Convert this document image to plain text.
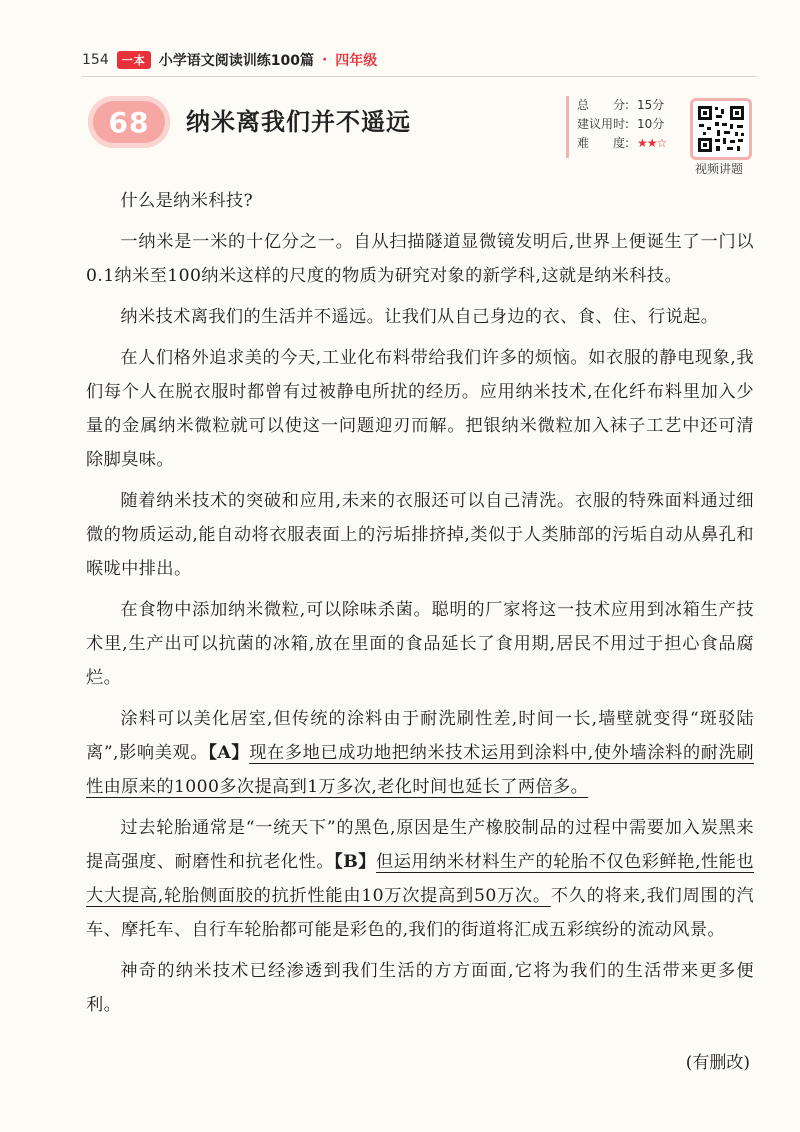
154	一本 小学语文阅读训练100篇 · 四年级
68 纳米离我们并不遥远
总　　分: 15分
建议用时: 10分
难　　度: ★★☆
视频讲题

什么是纳米科技?

一纳米是一米的十亿分之一。自从扫描隧道显微镜发明后,世界上便诞生了一门以0.1纳米至100纳米这样的尺度的物质为研究对象的新学科,这就是纳米科技。

纳米技术离我们的生活并不遥远。让我们从自己身边的衣、食、住、行说起。

在人们格外追求美的今天,工业化布料带给我们许多的烦恼。如衣服的静电现象,我们每个人在脱衣服时都曾有过被静电所扰的经历。应用纳米技术,在化纤布料里加入少量的金属纳米微粒就可以使这一问题迎刃而解。把银纳米微粒加入袜子工艺中还可清除脚臭味。

随着纳米技术的突破和应用,未来的衣服还可以自己清洗。衣服的特殊面料通过细微的物质运动,能自动将衣服表面上的污垢排挤掉,类似于人类肺部的污垢自动从鼻孔和喉咙中排出。

在食物中添加纳米微粒,可以除味杀菌。聪明的厂家将这一技术应用到冰箱生产技术里,生产出可以抗菌的冰箱,放在里面的食品延长了食用期,居民不用过于担心食品腐烂。

涂料可以美化居室,但传统的涂料由于耐洗刷性差,时间一长,墙壁就变得“斑驳陆离”,影响美观。【A】现在多地已成功地把纳米技术运用到涂料中,使外墙涂料的耐洗刷性由原来的1000多次提高到1万多次,老化时间也延长了两倍多。

过去轮胎通常是“一统天下”的黑色,原因是生产橡胶制品的过程中需要加入炭黑来提高强度、耐磨性和抗老化性。【B】但运用纳米材料生产的轮胎不仅色彩鲜艳,性能也大大提高,轮胎侧面胶的抗折性能由10万次提高到50万次。不久的将来,我们周围的汽车、摩托车、自行车轮胎都可能是彩色的,我们的街道将汇成五彩缤纷的流动风景。

神奇的纳米技术已经渗透到我们生活的方方面面,它将为我们的生活带来更多便利。

(有删改)
